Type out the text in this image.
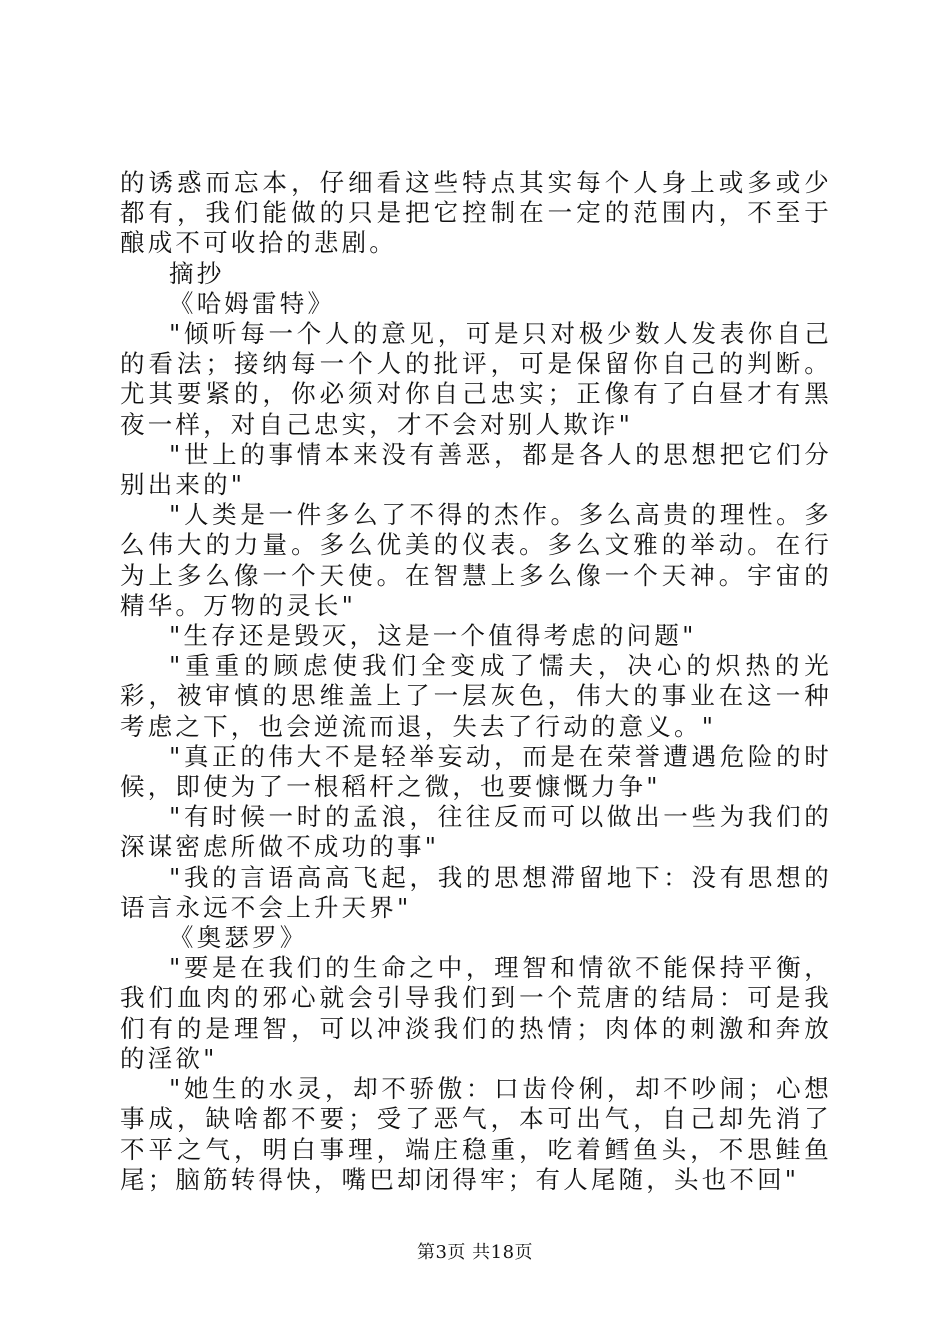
的诱惑而忘本，仔细看这些特点其实每个人身上或多或少都有，我们能做的只是把它控制在一定的范围内，不至于酿成不可收拾的悲剧。

摘抄

《哈姆雷特》

"倾听每一个人的意见，可是只对极少数人发表你自己的看法；接纳每一个人的批评，可是保留你自己的判断。尤其要紧的，你必须对你自己忠实；正像有了白昼才有黑夜一样，对自己忠实，才不会对别人欺诈"

"世上的事情本来没有善恶，都是各人的思想把它们分别出来的"

"人类是一件多么了不得的杰作。多么高贵的理性。多么伟大的力量。多么优美的仪表。多么文雅的举动。在行为上多么像一个天使。在智慧上多么像一个天神。宇宙的精华。万物的灵长"

"生存还是毁灭，这是一个值得考虑的问题"

"重重的顾虑使我们全变成了懦夫，决心的炽热的光彩，被审慎的思维盖上了一层灰色，伟大的事业在这一种考虑之下，也会逆流而退，失去了行动的意义。"

"真正的伟大不是轻举妄动，而是在荣誉遭遇危险的时候，即使为了一根稻杆之微，也要慷慨力争"

"有时候一时的孟浪，往往反而可以做出一些为我们的深谋密虑所做不成功的事"

"我的言语高高飞起，我的思想滞留地下：没有思想的语言永远不会上升天界"

《奥瑟罗》

"要是在我们的生命之中，理智和情欲不能保持平衡，我们血肉的邪心就会引导我们到一个荒唐的结局：可是我们有的是理智，可以冲淡我们的热情；肉体的刺激和奔放的淫欲"

"她生的水灵，却不骄傲：口齿伶俐，却不吵闹；心想事成，缺啥都不要；受了恶气，本可出气，自己却先消了不平之气，明白事理，端庄稳重，吃着鳕鱼头，不思鲑鱼尾；脑筋转得快，嘴巴却闭得牢；有人尾随，头也不回"

第3页 共18页
